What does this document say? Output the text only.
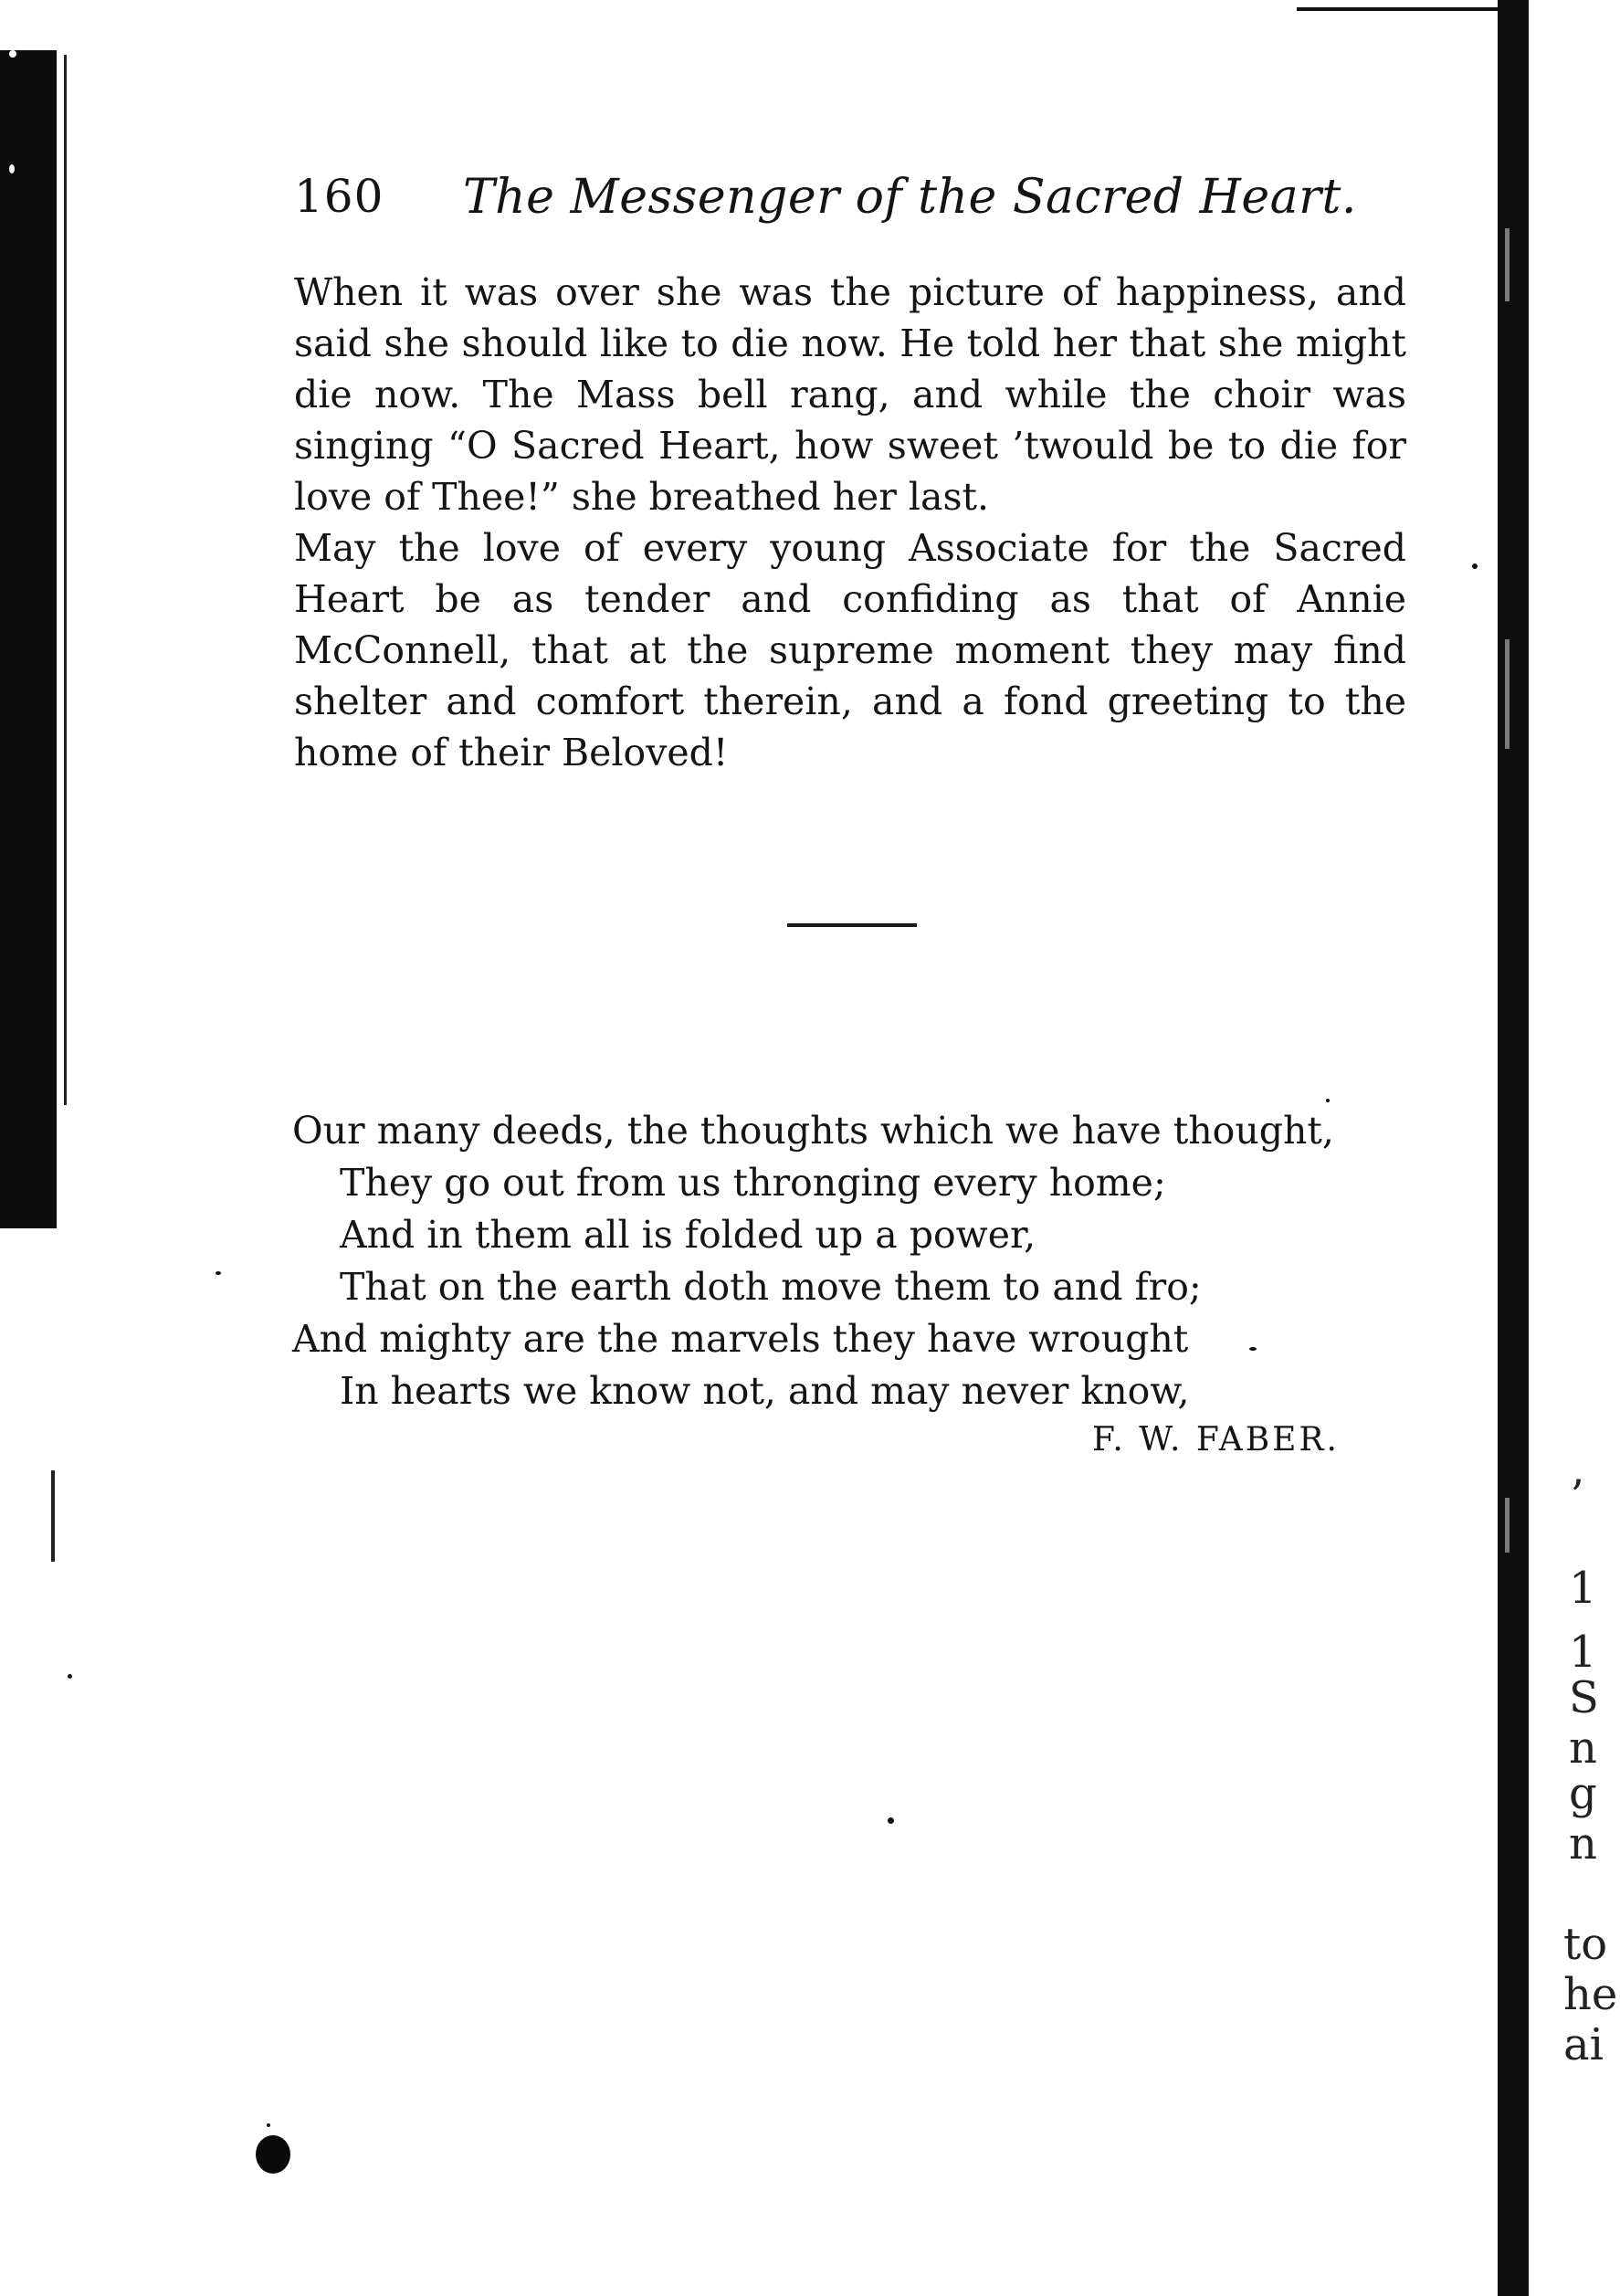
ʼ
1
1
S
n
g
n
to
he
ai
160 The Messenger of the Sacred Heart.

When it was over she was the picture of happiness, and said she should like to die now. He told her that she might die now. The Mass bell rang, and while the choir was singing “O Sacred Heart, how sweet ’twould be to die for love of Thee!” she breathed her last.

May the love of every young Associate for the Sacred Heart be as tender and confiding as that of Annie McConnell, that at the supreme moment they may find shelter and comfort therein, and a fond greeting to the home of their Beloved!

Our many deeds, the thoughts which we have thought,

They go out from us thronging every home;

And in them all is folded up a power,

That on the earth doth move them to and fro;

And mighty are the marvels they have wrought

In hearts we know not, and may never know,

F. W. FABER.
